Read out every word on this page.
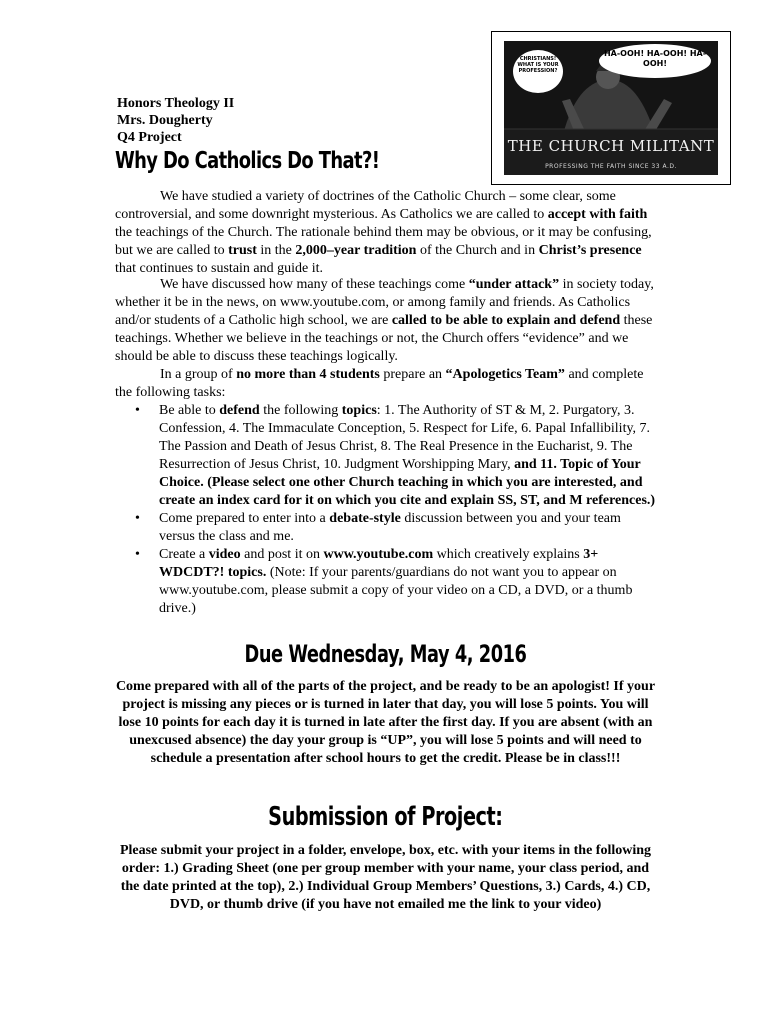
CHRISTIANS! WHAT IS YOUR PROFESSION?
HA-OOH! HA-OOH! HA-OOH!
THE CHURCH MILITANT
PROFESSING THE FAITH SINCE 33 A.D.
Honors Theology II
Mrs. Dougherty
Q4 Project
Why Do Catholics Do That?!

We have studied a variety of doctrines of the Catholic Church – some clear, some controversial, and some downright mysterious. As Catholics we are called to accept with faith the teachings of the Church. The rationale behind them may be obvious, or it may be confusing, but we are called to trust in the 2,000–year tradition of the Church and in Christ’s presence that continues to sustain and guide it.

We have discussed how many of these teachings come “under attack” in society today, whether it be in the news, on www.youtube.com, or among family and friends. As Catholics and/or students of a Catholic high school, we are called to be able to explain and defend these teachings. Whether we believe in the teachings or not, the Church offers “evidence” and we should be able to discuss these teachings logically.

In a group of no more than 4 students prepare an “Apologetics Team” and complete the following tasks:

• Be able to defend the following topics: 1. The Authority of ST & M, 2. Purgatory, 3. Confession, 4. The Immaculate Conception, 5. Respect for Life, 6. Papal Infallibility, 7. The Passion and Death of Jesus Christ, 8. The Real Presence in the Eucharist, 9. The Resurrection of Jesus Christ, 10. Judgment Worshipping Mary, and 11. Topic of Your Choice. (Please select one other Church teaching in which you are interested, and create an index card for it on which you cite and explain SS, ST, and M references.)
• Come prepared to enter into a debate-style discussion between you and your team versus the class and me.
• Create a video and post it on www.youtube.com which creatively explains 3+ WDCDT?! topics. (Note: If your parents/guardians do not want you to appear on www.youtube.com, please submit a copy of your video on a CD, a DVD, or a thumb drive.)
Due Wednesday, May 4, 2016
Come prepared with all of the parts of the project, and be ready to be an apologist! If your project is missing any pieces or is turned in later that day, you will lose 5 points. You will lose 10 points for each day it is turned in late after the first day. If you are absent (with an unexcused absence) the day your group is “UP”, you will lose 5 points and will need to schedule a presentation after school hours to get the credit. Please be in class!!!
Submission of Project:
Please submit your project in a folder, envelope, box, etc. with your items in the following order: 1.) Grading Sheet (one per group member with your name, your class period, and the date printed at the top), 2.) Individual Group Members’ Questions, 3.) Cards, 4.) CD, DVD, or thumb drive (if you have not emailed me the link to your video)
